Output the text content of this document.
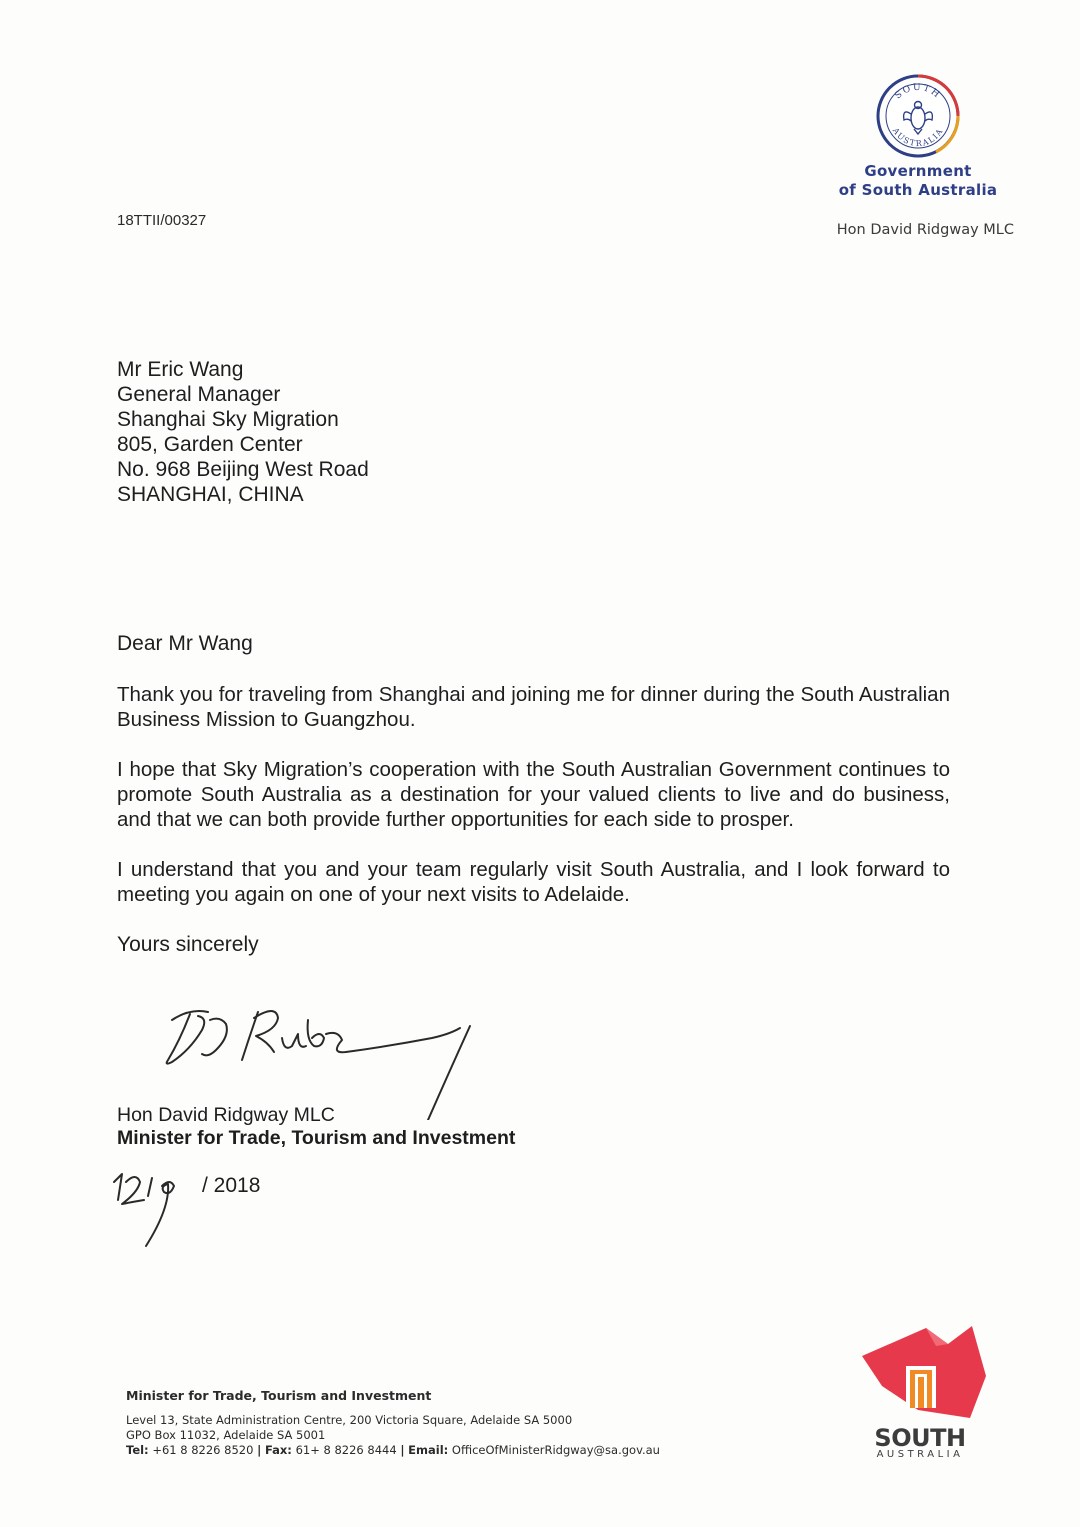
SOUTH
AUSTRALIA
Government
of South Australia
Hon David Ridgway MLC
18TTII/00327
Mr Eric Wang
General Manager
Shanghai Sky Migration
805, Garden Center
No. 968 Beijing West Road
SHANGHAI, CHINA
Dear Mr Wang
Thank you for traveling from Shanghai and joining me for dinner during the South Australian Business Mission to Guangzhou.
I hope that Sky Migration’s cooperation with the South Australian Government continues to promote South Australia as a destination for your valued clients to live and do business, and that we can both provide further opportunities for each side to prosper.
I understand that you and your team regularly visit South Australia, and I look forward to meeting you again on one of your next visits to Adelaide.
Yours sincerely
Hon David Ridgway MLC
Minister for Trade, Tourism and Investment
/ 2018
Minister for Trade, Tourism and Investment
Level 13, State Administration Centre, 200 Victoria Square, Adelaide SA 5000
GPO Box 11032, Adelaide SA 5001
Tel: +61 8 8226 8520 | Fax: 61+ 8 8226 8444 | Email: OfficeOfMinisterRidgway@sa.gov.au	SOUTH
AUSTRALIA
